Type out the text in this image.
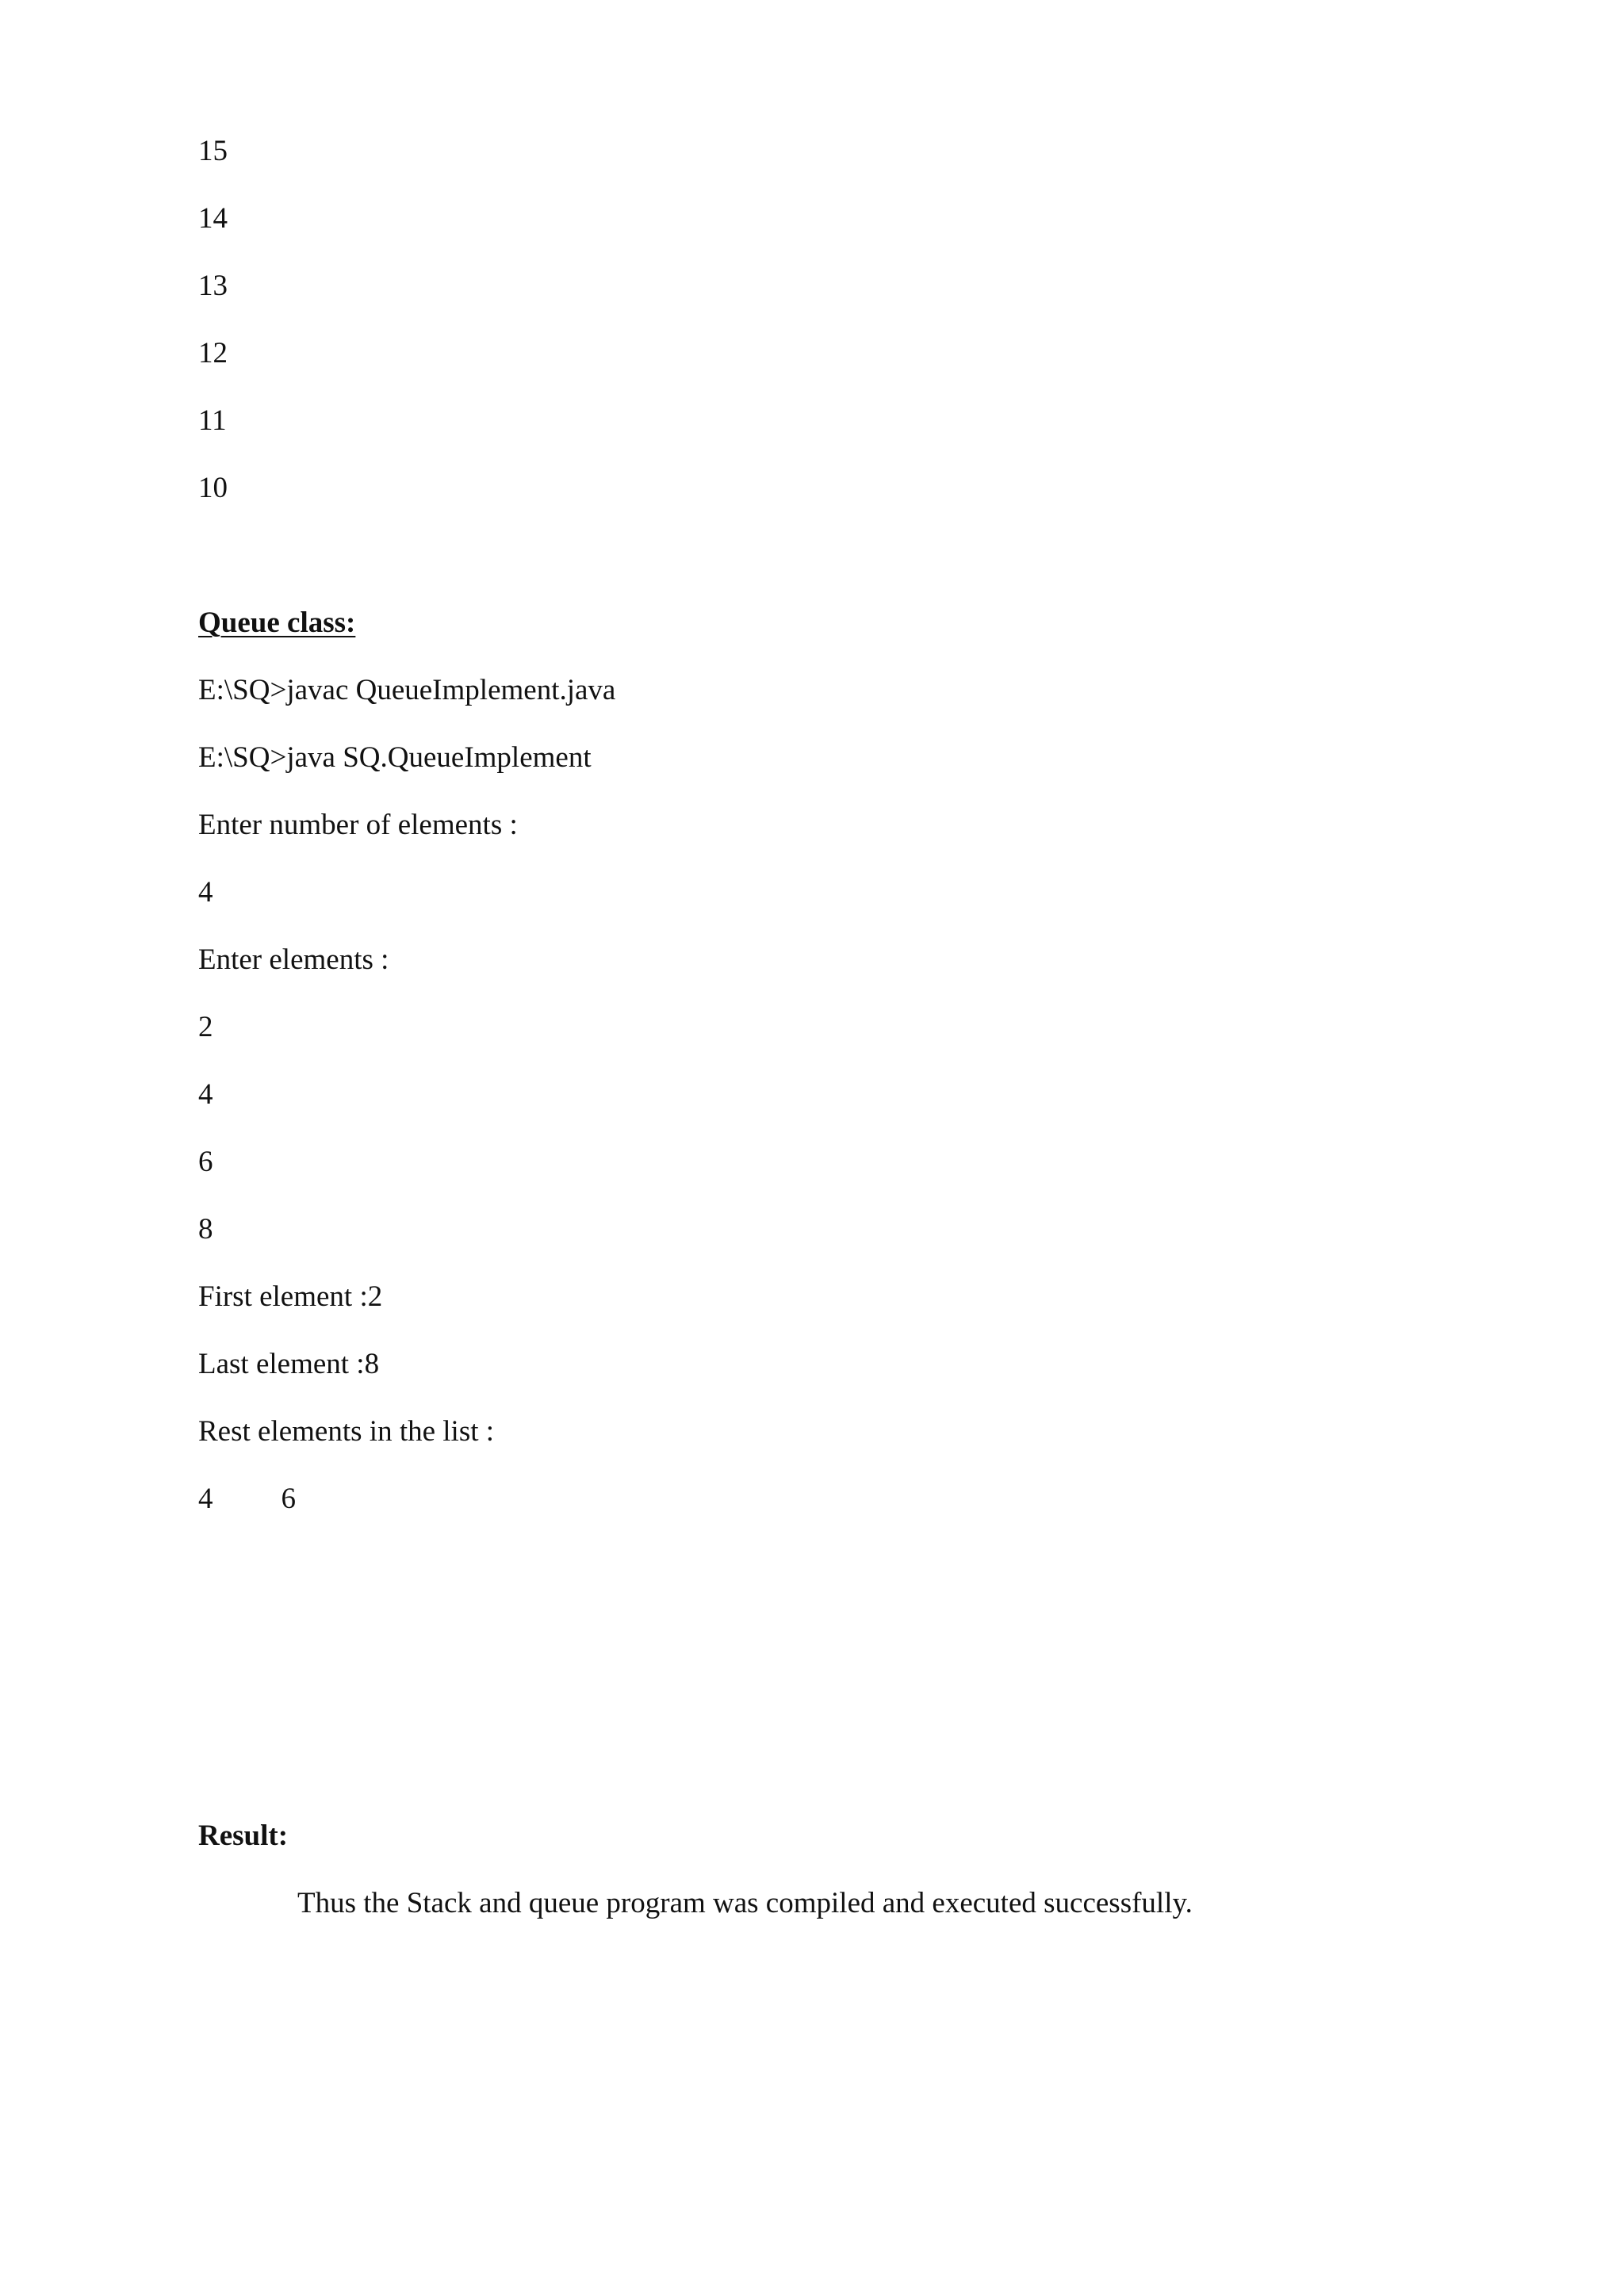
15
14
13
12
11
10
Queue class:
E:\SQ>javac QueueImplement.java
E:\SQ>java SQ.QueueImplement
Enter number of elements :
4
Enter elements :
2
4
6
8
First element :2
Last element :8
Rest elements in the list :
4 6
Result:
Thus the Stack and queue program was compiled and executed successfully.
